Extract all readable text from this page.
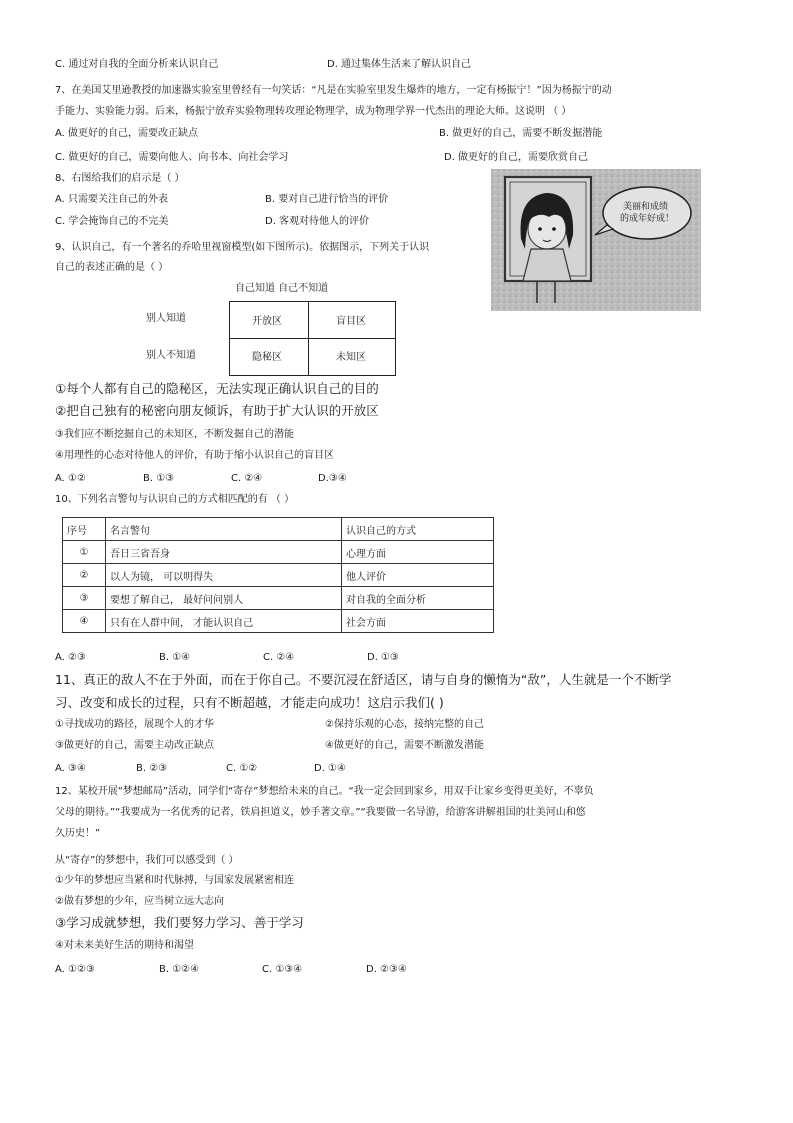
C. 通过对自我的全面分析来认识自己	D. 通过集体生活来了解认识自己
7、在美国艾里逊教授的加速器实验室里曾经有一句笑话：“凡是在实验室里发生爆炸的地方，一定有杨振宁！”因为杨振宁的动
手能力、实验能力弱。后来，杨振宁放弃实验物理转攻理论物理学，成为物理学界一代杰出的理论大师。这说明 （ ）
A. 做更好的自己，需要改正缺点	B. 做更好的自己，需要不断发掘潜能
C. 做更好的自己，需要向他人、向书本、向社会学习	D. 做更好的自己，需要欣赏自己
8、右图给我们的启示是（ ）
A. 只需要关注自己的外表	B. 要对自己进行恰当的评价
C. 学会掩饰自己的不完美	D. 客观对待他人的评价
美丽和成绩 的成年好成！
9、认识自己，有一个著名的乔哈里视窗模型(如下图所示)。依据图示，下列关于认识
自己的表述正确的是（ ）
自己知道 自己不知道
别人知道
别人不知道
开放区	盲目区
隐秘区	未知区
①每个人都有自己的隐秘区，无法实现正确认识自己的目的
②把自己独有的秘密向朋友倾诉，有助于扩大认识的开放区
③我们应不断挖掘自己的未知区，不断发掘自己的潜能
④用理性的心态对待他人的评价，有助于缩小认识自己的盲目区
A. ①②	B. ①③	C. ②④	D.③④
10、下列名言警句与认识自己的方式相匹配的有 （ ）
序号	名言警句	认识自己的方式
①	吾日三省吾身	心理方面
②	以人为镜， 可以明得失	他人评价
③	要想了解自己， 最好问问别人	对自我的全面分析
④	只有在人群中间， 才能认识自己	社会方面
A. ②③	B. ①④	C. ②④	D. ①③
11、真正的敌人不在于外面，而在于你自己。不要沉浸在舒适区，请与自身的懒惰为“敌”，人生就是一个不断学
习、改变和成长的过程，只有不断超越，才能走向成功！这启示我们( )
①寻找成功的路径，展现个人的才华	②保持乐观的心态，接纳完整的自己
③做更好的自己，需要主动改正缺点	④做更好的自己，需要不断激发潜能
A. ③④	B. ②③	C. ①②	D. ①④
12、某校开展“梦想邮局”活动，同学们“寄存”梦想给未来的自己。“我一定会回到家乡，用双手让家乡变得更美好，不辜负
父母的期待。”“我要成为一名优秀的记者，铁肩担道义，妙手著文章。”“我要做一名导游，给游客讲解祖国的壮美河山和悠
久历史！”
从“寄存”的梦想中，我们可以感受到（ ）
①少年的梦想应当紧和时代脉搏，与国家发展紧密相连
②做有梦想的少年，应当树立远大志向
③学习成就梦想，我们要努力学习、善于学习
④对未来美好生活的期待和渴望
A. ①②③	B. ①②④	C. ①③④	D. ②③④
